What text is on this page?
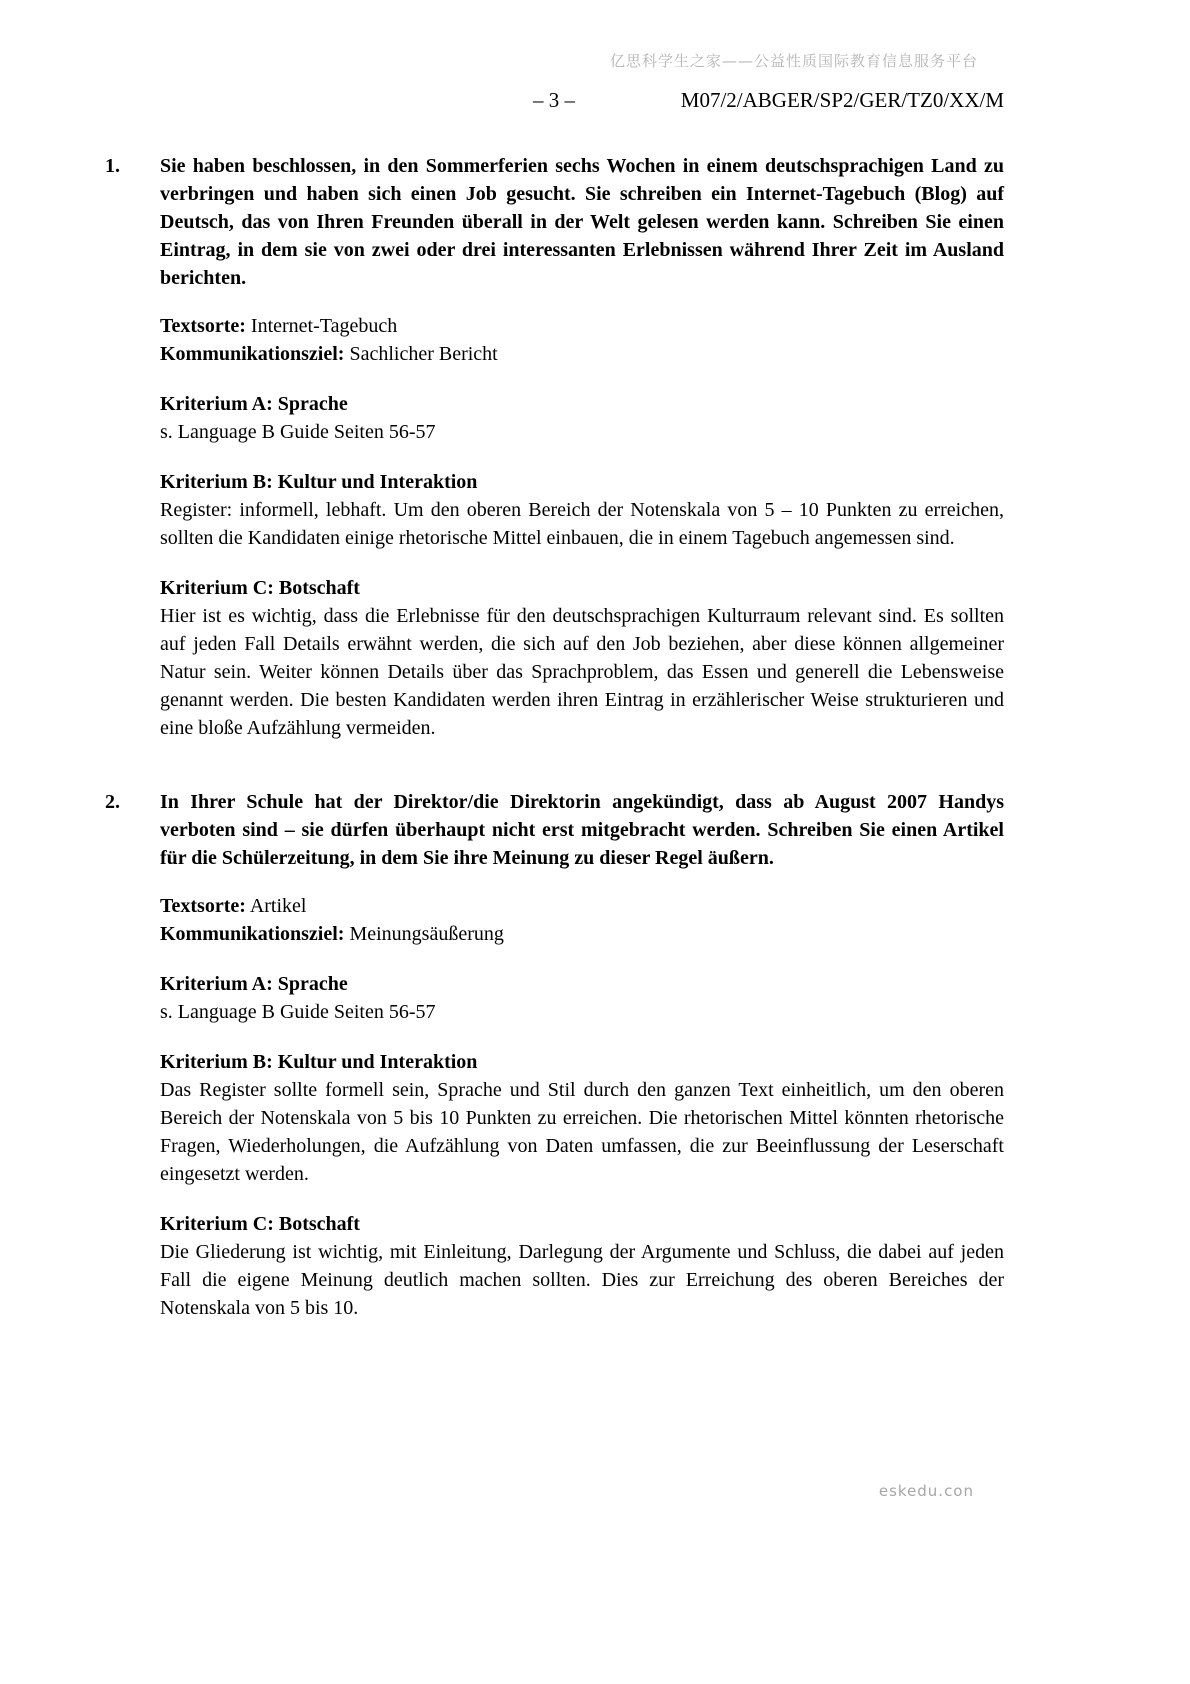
亿思科学生之家——公益性质国际教育信息服务平台
– 3 –	M07/2/ABGER/SP2/GER/TZ0/XX/M
1.	Sie haben beschlossen, in den Sommerferien sechs Wochen in einem deutschsprachigen Land zu verbringen und haben sich einen Job gesucht. Sie schreiben ein Internet-Tagebuch (Blog) auf Deutsch, das von Ihren Freunden überall in der Welt gelesen werden kann. Schreiben Sie einen Eintrag, in dem sie von zwei oder drei interessanten Erlebnissen während Ihrer Zeit im Ausland berichten.

Textsorte: Internet-Tagebuch

Kommunikationsziel: Sachlicher Bericht

Kriterium A: Sprache

s. Language B Guide Seiten 56-57

Kriterium B: Kultur und Interaktion

Register: informell, lebhaft. Um den oberen Bereich der Notenskala von 5 – 10 Punkten zu erreichen, sollten die Kandidaten einige rhetorische Mittel einbauen, die in einem Tagebuch angemessen sind.

Kriterium C: Botschaft

Hier ist es wichtig, dass die Erlebnisse für den deutschsprachigen Kulturraum relevant sind. Es sollten auf jeden Fall Details erwähnt werden, die sich auf den Job beziehen, aber diese können allgemeiner Natur sein. Weiter können Details über das Sprachproblem, das Essen und generell die Lebensweise genannt werden. Die besten Kandidaten werden ihren Eintrag in erzählerischer Weise strukturieren und eine bloße Aufzählung vermeiden.

2.	In Ihrer Schule hat der Direktor/die Direktorin angekündigt, dass ab August 2007 Handys verboten sind – sie dürfen überhaupt nicht erst mitgebracht werden. Schreiben Sie einen Artikel für die Schülerzeitung, in dem Sie ihre Meinung zu dieser Regel äußern.

Textsorte: Artikel

Kommunikationsziel: Meinungsäußerung

Kriterium A: Sprache

s. Language B Guide Seiten 56-57

Kriterium B: Kultur und Interaktion

Das Register sollte formell sein, Sprache und Stil durch den ganzen Text einheitlich, um den oberen Bereich der Notenskala von 5 bis 10 Punkten zu erreichen. Die rhetorischen Mittel könnten rhetorische Fragen, Wiederholungen, die Aufzählung von Daten umfassen, die zur Beeinflussung der Leserschaft eingesetzt werden.

Kriterium C: Botschaft

Die Gliederung ist wichtig, mit Einleitung, Darlegung der Argumente und Schluss, die dabei auf jeden Fall die eigene Meinung deutlich machen sollten. Dies zur Erreichung des oberen Bereiches der Notenskala von 5 bis 10.

eskedu.con
